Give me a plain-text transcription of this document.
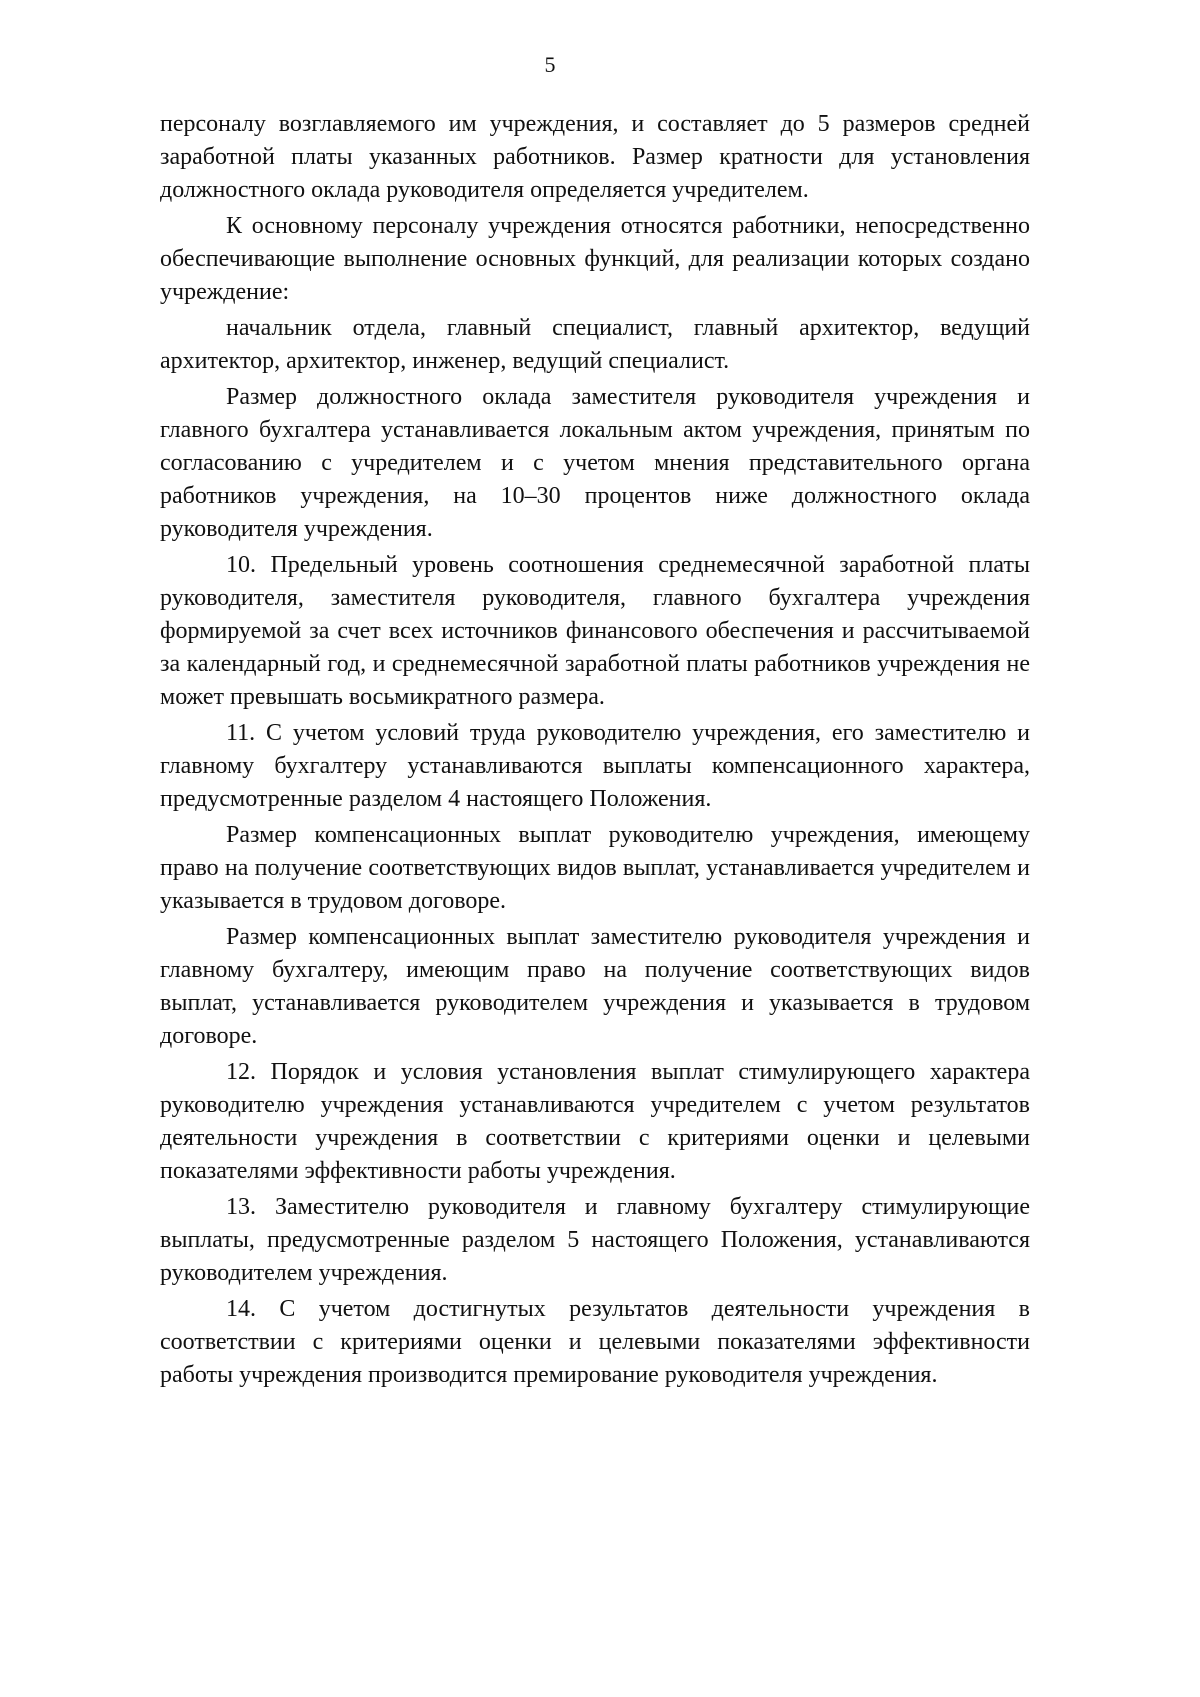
5

персоналу возглавляемого им учреждения, и составляет до 5 размеров средней заработной платы указанных работников. Размер кратности для установления должностного оклада руководителя определяется учредителем.

К основному персоналу учреждения относятся работники, непосредственно обеспечивающие выполнение основных функций, для реализации которых создано учреждение:

начальник отдела, главный специалист, главный архитектор, ведущий архитектор, архитектор, инженер, ведущий специалист.

Размер должностного оклада заместителя руководителя учреждения и главного бухгалтера устанавливается локальным актом учреждения, принятым по согласованию с учредителем и с учетом мнения представительного органа работников учреждения, на 10–30 процентов ниже должностного оклада руководителя учреждения.

10. Предельный уровень соотношения среднемесячной заработной платы руководителя, заместителя руководителя, главного бухгалтера учреждения формируемой за счет всех источников финансового обеспечения и рассчитываемой за календарный год, и среднемесячной заработной платы работников учреждения не может превышать восьмикратного размера.

11. С учетом условий труда руководителю учреждения, его заместителю и главному бухгалтеру устанавливаются выплаты компенсационного характера, предусмотренные разделом 4 настоящего Положения.

Размер компенсационных выплат руководителю учреждения, имеющему право на получение соответствующих видов выплат, устанавливается учредителем и указывается в трудовом договоре.

Размер компенсационных выплат заместителю руководителя учреждения и главному бухгалтеру, имеющим право на получение соответствующих видов выплат, устанавливается руководителем учреждения и указывается в трудовом договоре.

12. Порядок и условия установления выплат стимулирующего характера руководителю учреждения устанавливаются учредителем с учетом результатов деятельности учреждения в соответствии с критериями оценки и целевыми показателями эффективности работы учреждения.

13. Заместителю руководителя и главному бухгалтеру стимулирующие выплаты, предусмотренные разделом 5 настоящего Положения, устанавливаются руководителем учреждения.

14. С учетом достигнутых результатов деятельности учреждения в соответствии с критериями оценки и целевыми показателями эффективности работы учреждения производится премирование руководителя учреждения.
